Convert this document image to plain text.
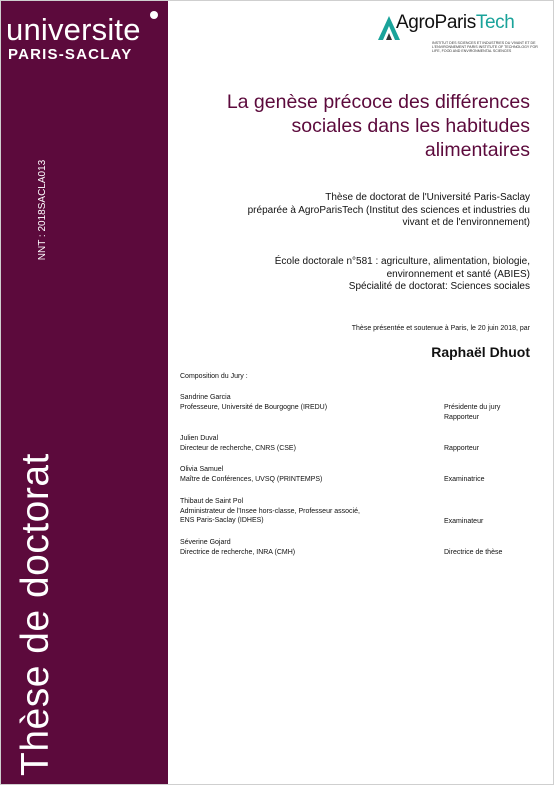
universite
PARIS-SACLAY
NNT : 2018SACLA013
Thèse de doctorat
AgroParisTech
INSTITUT DES SCIENCES ET INDUSTRIES DU VIVANT ET DE L'ENVIRONNEMENT PARIS INSTITUTE OF TECHNOLOGY FOR LIFE, FOOD AND ENVIRONMENTAL SCIENCES
La genèse précoce des différences
sociales dans les habitudes
alimentaires
Thèse de doctorat de l'Université Paris-Saclay
préparée à AgroParisTech (Institut des sciences et industries du
vivant et de l'environnement)
École doctorale n°581 : agriculture, alimentation, biologie,
environnement et santé (ABIES)
Spécialité de doctorat: Sciences sociales
Thèse présentée et soutenue à Paris, le 20 juin 2018, par
Raphaël Dhuot
Composition du Jury :
Sandrine Garcia
Professeure, Université de Bourgogne (IREDU)	Présidente du jury
Rapporteur
Julien Duval
Directeur de recherche, CNRS (CSE)	Rapporteur
Olivia Samuel
Maître de Conférences, UVSQ (PRINTEMPS)	Examinatrice
Thibaut de Saint Pol
Administrateur de l'Insee hors-classe, Professeur associé,
ENS Paris-Saclay (IDHES)	Examinateur
Séverine Gojard
Directrice de recherche, INRA (CMH)	Directrice de thèse
